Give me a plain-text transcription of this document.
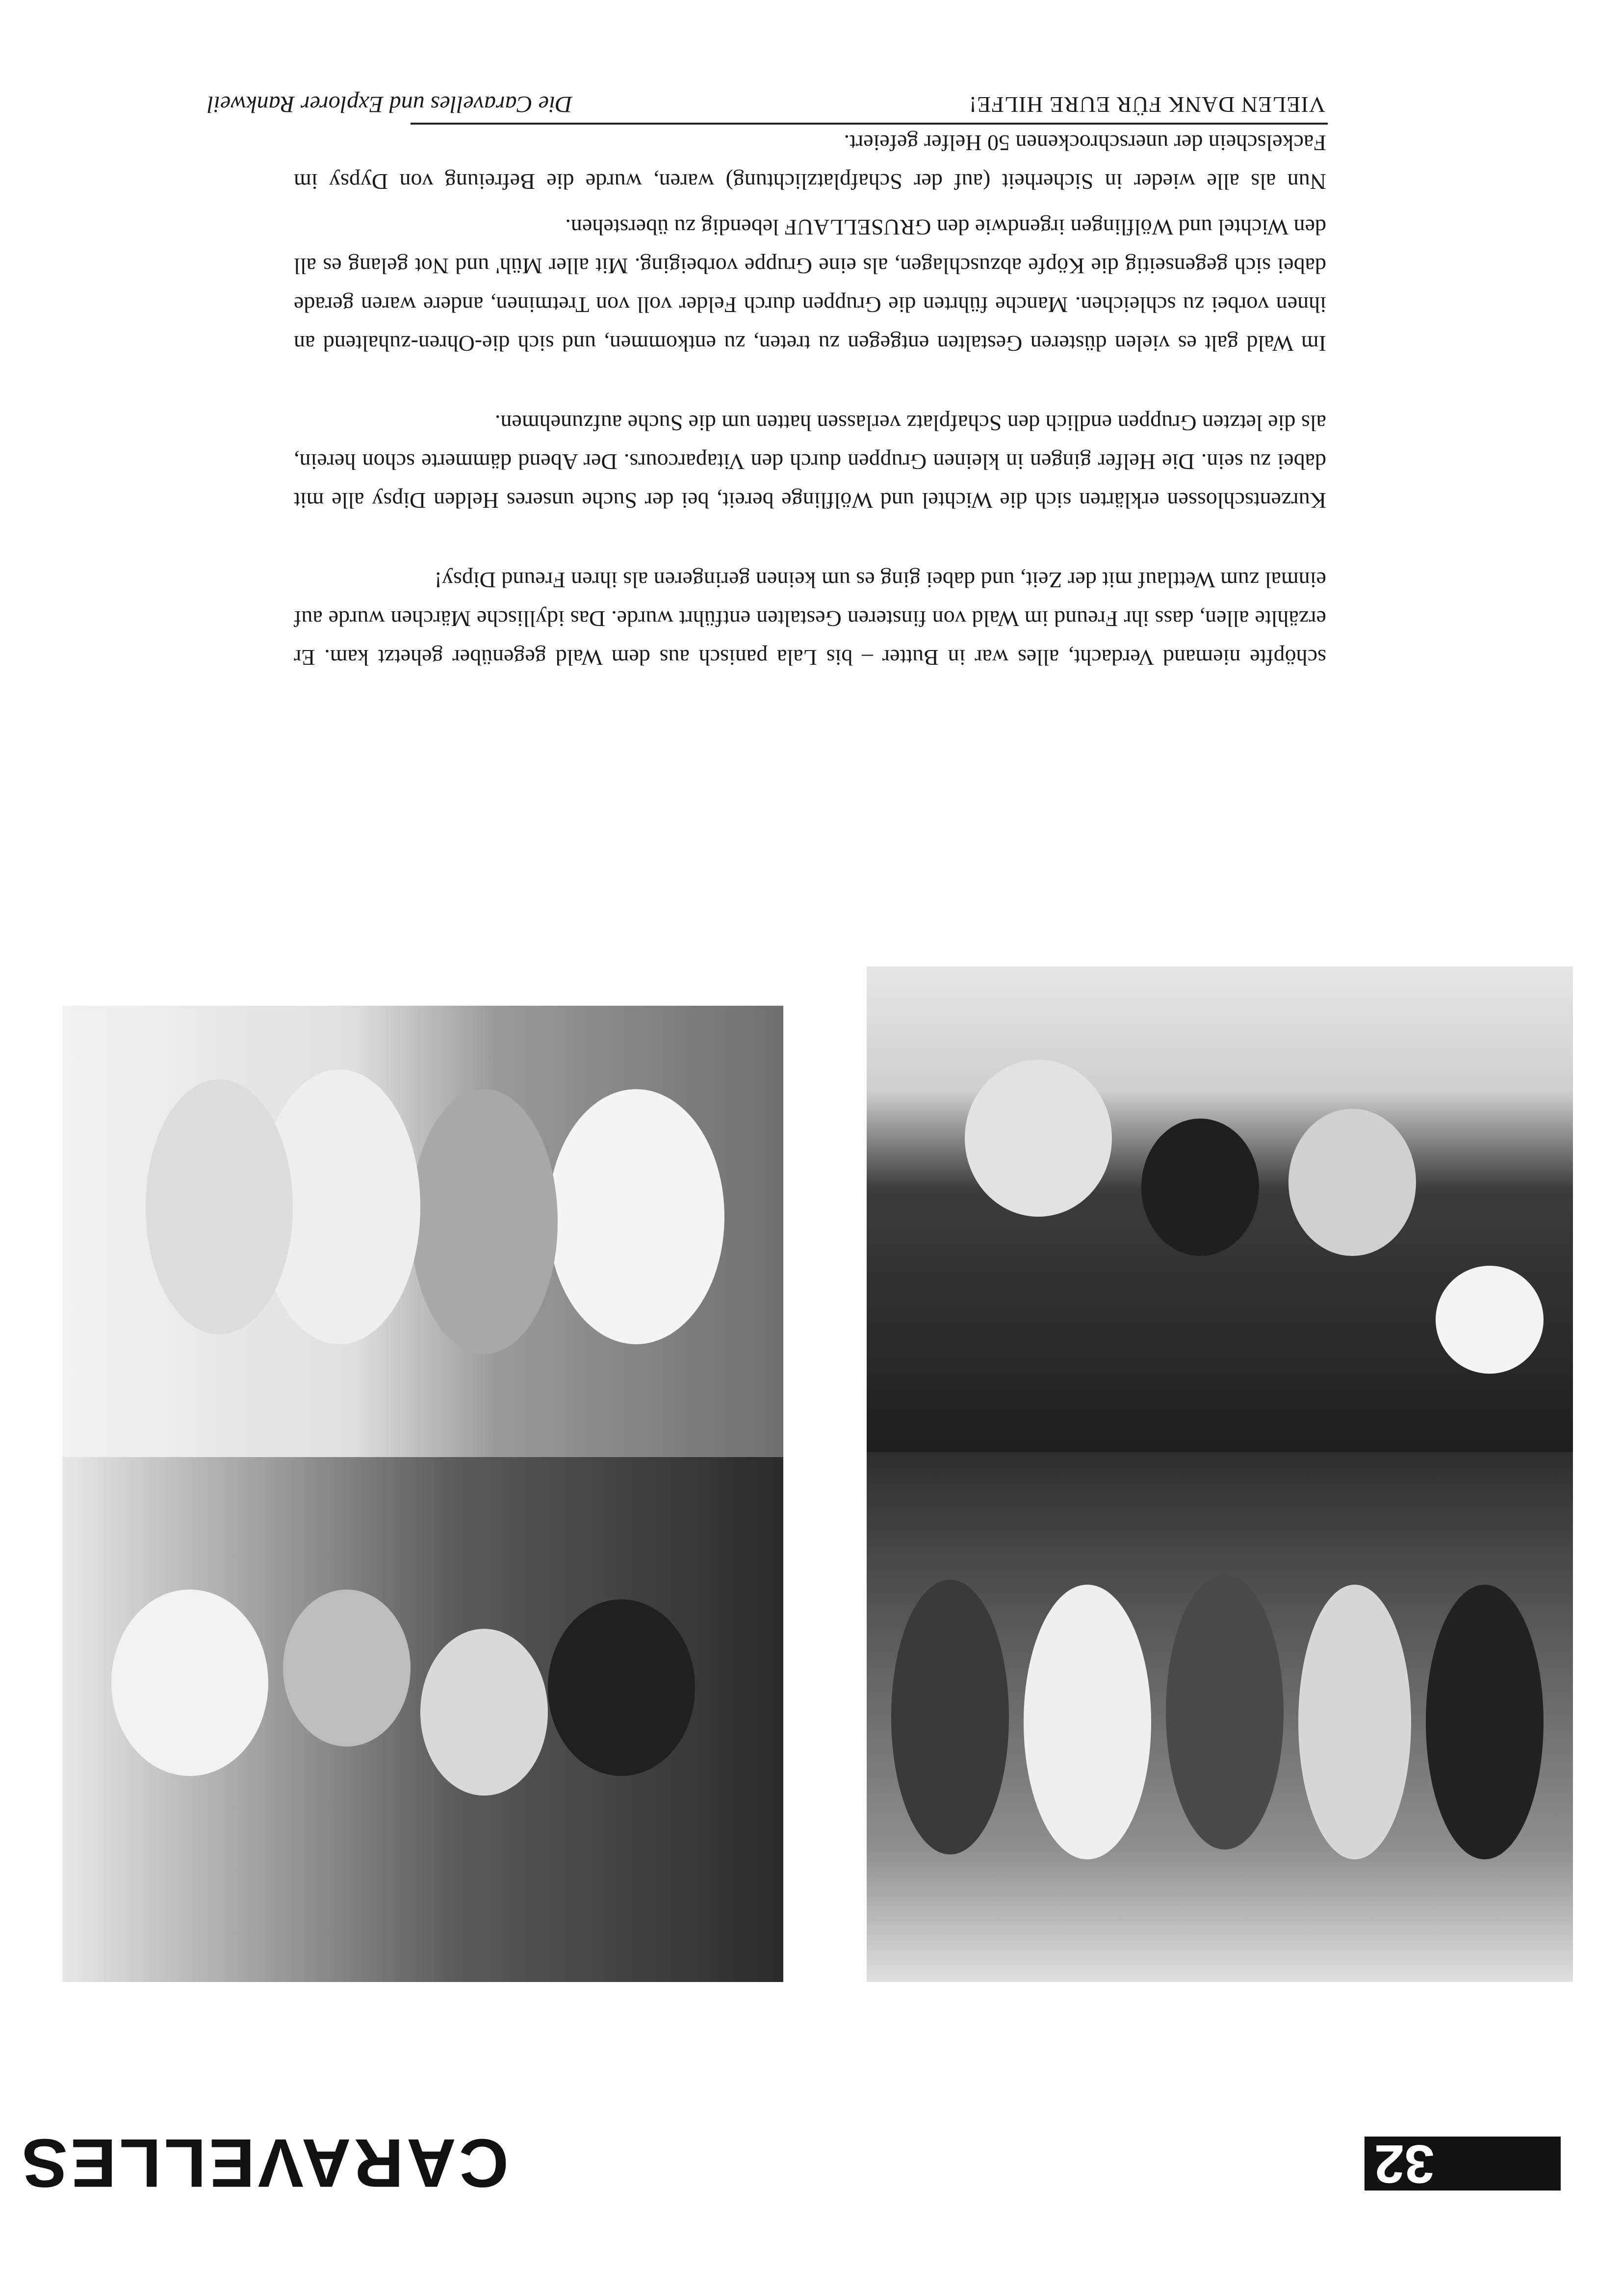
VIELEN DANK FÜR EURE HILFE!
Die Caravelles und Explorer Rankweil

schöpfte niemand Verdacht, alles war in Butter – bis Lala panisch aus dem Wald gegenüber gehetzt kam. Er erzählte allen, dass ihr Freund im Wald von finsteren Gestalten entführt wurde. Das idyllische Märchen wurde auf einmal zum Wettlauf mit der Zeit, und dabei ging es um keinen geringeren als ihren Freund Dipsy!

Kurzentschlossen erklärten sich die Wichtel und Wölflinge bereit, bei der Suche unseres Helden Dipsy alle mit dabei zu sein. Die Helfer gingen in kleinen Gruppen durch den Vitaparcours. Der Abend dämmerte schon herein, als die letzten Gruppen endlich den Schafplatz verlassen hatten um die Suche aufzunehmen.

Im Wald galt es vielen düsteren Gestalten entgegen zu treten, zu entkommen, und sich die-Ohren-zuhaltend an ihnen vorbei zu schleichen. Manche führten die Gruppen durch Felder voll von Tretminen, andere waren gerade dabei sich gegenseitig die Köpfe abzuschlagen, als eine Gruppe vorbeiging. Mit aller Müh' und Not gelang es all den Wichtel und Wölflingen irgendwie den GRUSELLAUF lebendig zu überstehen.

Nun als alle wieder in Sicherheit (auf der Schafplatzlichtung) waren, wurde die Befreiung von Dypsy im Fackelschein der unerschrockenen 50 Helfer gefeiert.

32
CARAVELLES
